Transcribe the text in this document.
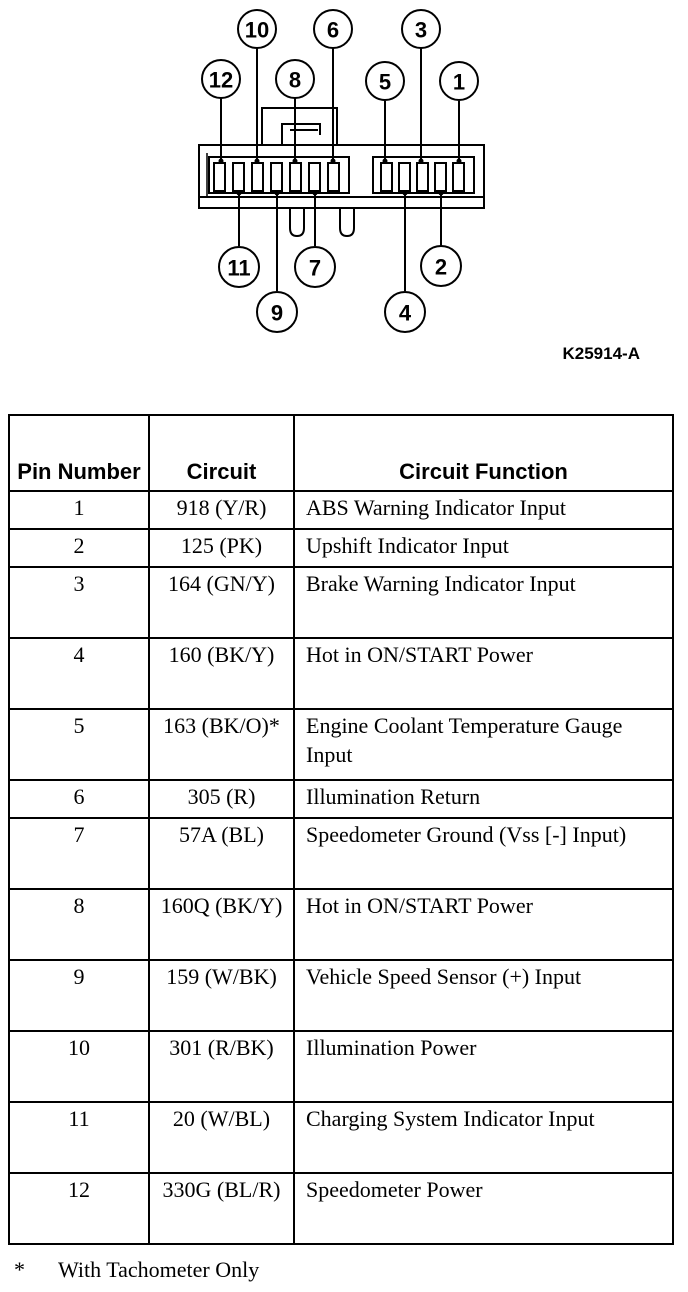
1
2
3
4
5
6
7
8
9
10
11
12
K25914-A
Pin Number	Circuit	Circuit Function
1	918 (Y/R)	ABS Warning Indicator Input
2	125 (PK)	Upshift Indicator Input
3	164 (GN/Y)	Brake Warning Indicator Input
4	160 (BK/Y)	Hot in ON/START Power
5	163 (BK/O)*	Engine Coolant Temperature Gauge Input
6	305 (R)	Illumination Return
7	57A (BL)	Speedometer Ground (Vss [-] Input)
8	160Q (BK/Y)	Hot in ON/START Power
9	159 (W/BK)	Vehicle Speed Sensor (+) Input
10	301 (R/BK)	Illumination Power
11	20 (W/BL)	Charging System Indicator Input
12	330G (BL/R)	Speedometer Power

* With Tachometer Only
